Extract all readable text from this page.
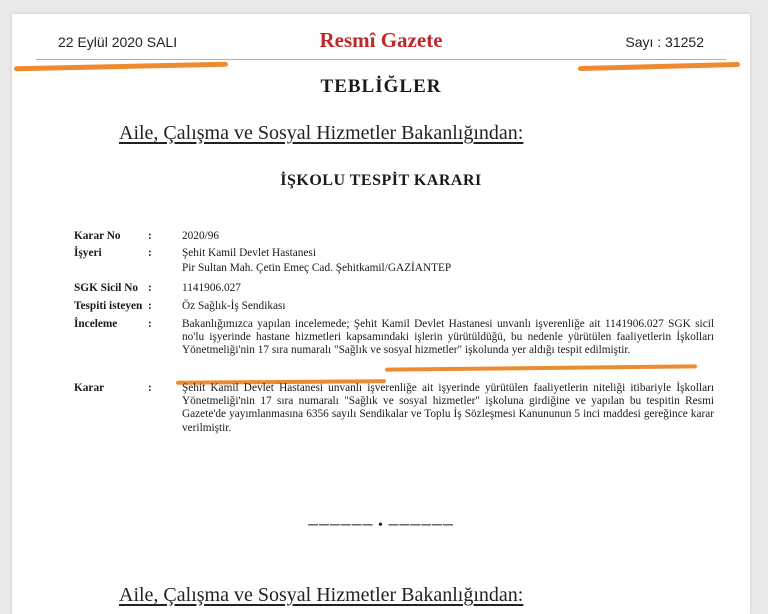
22 Eylül 2020 SALI	Resmî Gazete	Sayı : 31252
TEBLİĞLER
Aile, Çalışma ve Sosyal Hizmetler Bakanlığından:
İŞKOLU TESPİT KARARI
Karar No :	2020/96
İşyeri	:	Şehit Kamil Devlet Hastanesi
Pir Sultan Mah. Çetin Emeç Cad. Şehitkamil/GAZİANTEP
SGK Sicil No :	1141906.027
Tespiti isteyen :	Öz Sağlık-İş Sendikası
İnceleme	:	Bakanlığımızca yapılan incelemede; Şehit Kamil Devlet Hastanesi unvanlı işverenliğe ait 1141906.027 SGK sicil no'lu işyerinde hastane hizmetleri kapsamındaki işlerin yürütüldüğü, bu nedenle yürütülen faaliyetlerin İşkolları Yönetmeliği'nin 17 sıra numaralı "Sağlık ve sosyal hizmetler" işkolunda yer aldığı tespit edilmiştir.
Karar	:	Şehit Kamil Devlet Hastanesi unvanlı işverenliğe ait işyerinde yürütülen faaliyetlerin niteliği itibariyle İşkolları Yönetmeliği'nin 17 sıra numaralı "Sağlık ve sosyal hizmetler" işkoluna girdiğine ve yapılan bu tespitin Resmi Gazete'de yayımlanmasına 6356 sayılı Sendikalar ve Toplu İş Sözleşmesi Kanununun 5 inci maddesi gereğince karar verilmiştir.
────── • ──────
Aile, Çalışma ve Sosyal Hizmetler Bakanlığından:
